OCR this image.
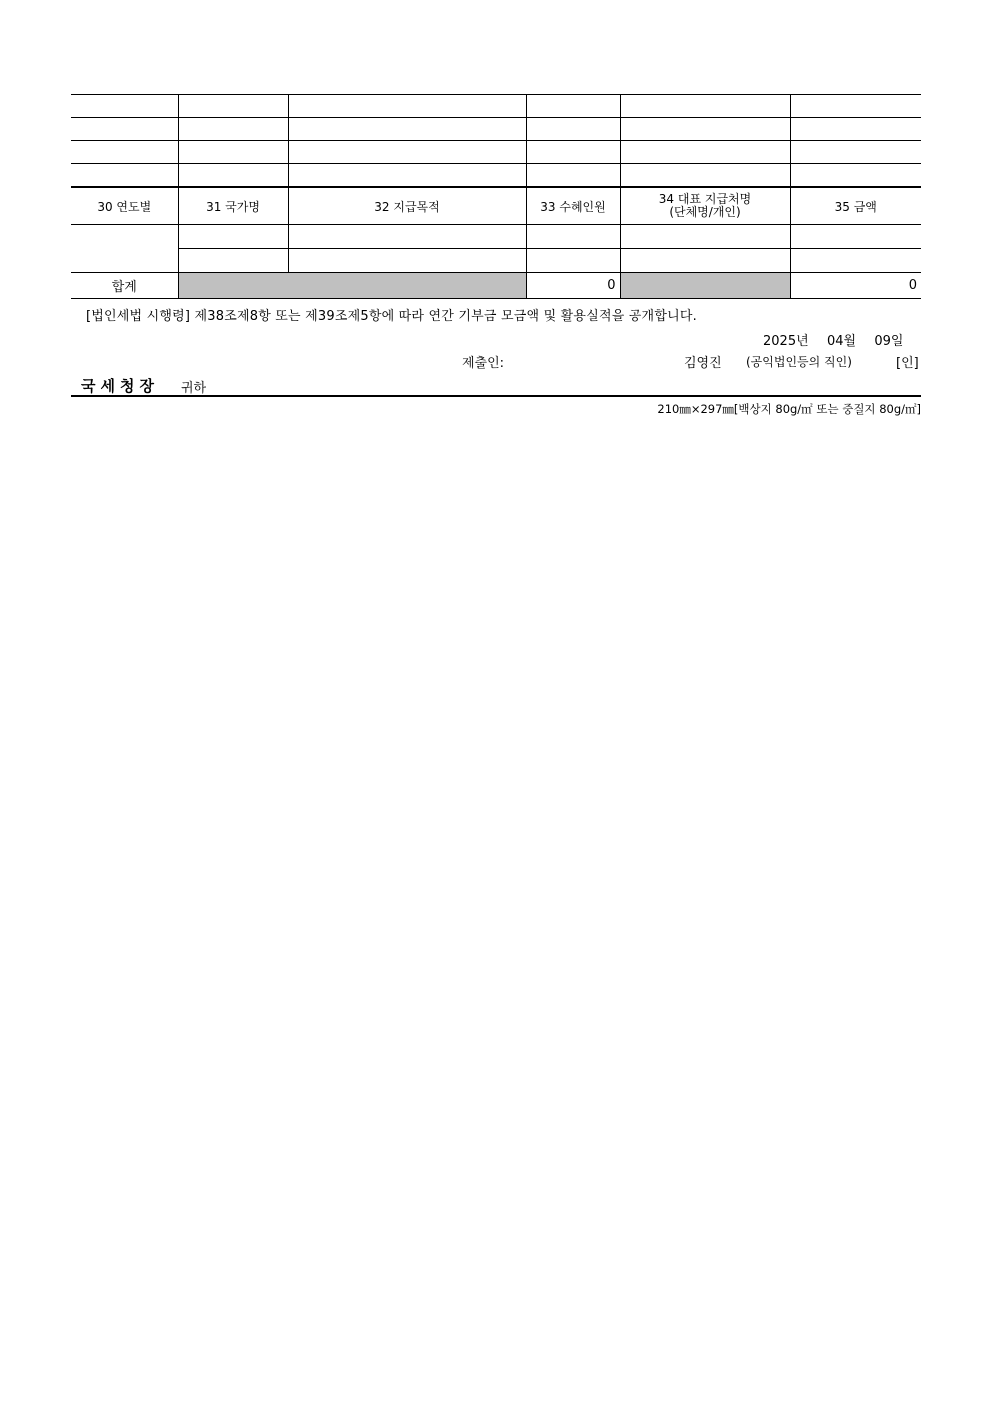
30 연도별	31 국가명	32 지급목적	33 수혜인원	34 대표 지급처명
(단체명/개인)	35 금액

합계			0		0
[법인세법 시행령] 제38조제8항 또는 제39조제5항에 따라 연간 기부금 모금액 및 활용실적을 공개합니다.
2025년 04월 09일
제출인:	김영진 (공익법인등의 직인)	[인]
국세청장 귀하
210㎜×297㎜[백상지 80g/㎡ 또는 중질지 80g/㎡]
